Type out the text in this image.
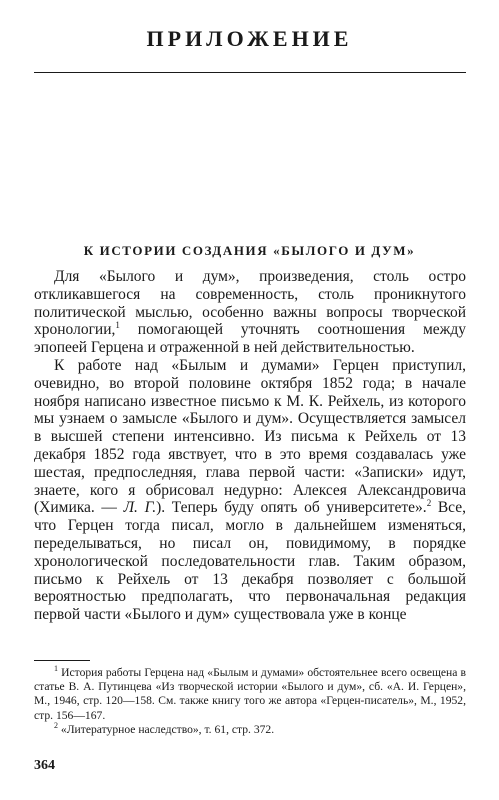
ПРИЛОЖЕНИЕ
К ИСТОРИИ СОЗДАНИЯ «БЫЛОГО И ДУМ»

Для «Былого и дум», произведения, столь остро откликавшегося на современность, столь проникнутого политической мыслью, особенно важны вопросы творческой хронологии,$^1$ помогающей уточнять соотношения между эпопеей Герцена и отраженной в ней действительностью.

К работе над «Былым и думами» Герцен приступил, очевидно, во второй половине октября 1852 года; в начале ноября написано известное письмо к М. К. Рейхель, из которого мы узнаем о замысле «Былого и дум». Осуществляется замысел в высшей степени интенсивно. Из письма к Рейхель от 13 декабря 1852 года явствует, что в это время создавалась уже шестая, предпоследняя, глава первой части: «Записки» идут, знаете, кого я обрисовал недурно: Алексея Александровича (Химика. — Л. Г.). Теперь буду опять об университете».$^2$ Все, что Герцен тогда писал, могло в дальнейшем изменяться, переделываться, но писал он, повидимому, в порядке хронологической последовательности глав. Таким образом, письмо к Рейхель от 13 декабря позволяет с большой вероятностью предполагать, что первоначальная редакция первой части «Былого и дум» существовала уже в конце

$^1$ История работы Герцена над «Былым и думами» обстоятельнее всего освещена в статье В. А. Путинцева «Из творческой истории «Былого и дум», сб. «А. И. Герцен», М., 1946, стр. 120—158. См. также книгу того же автора «Герцен-писатель», М., 1952, стр. 156—167.

$^2$ «Литературное наследство», т. 61, стр. 372.

364
